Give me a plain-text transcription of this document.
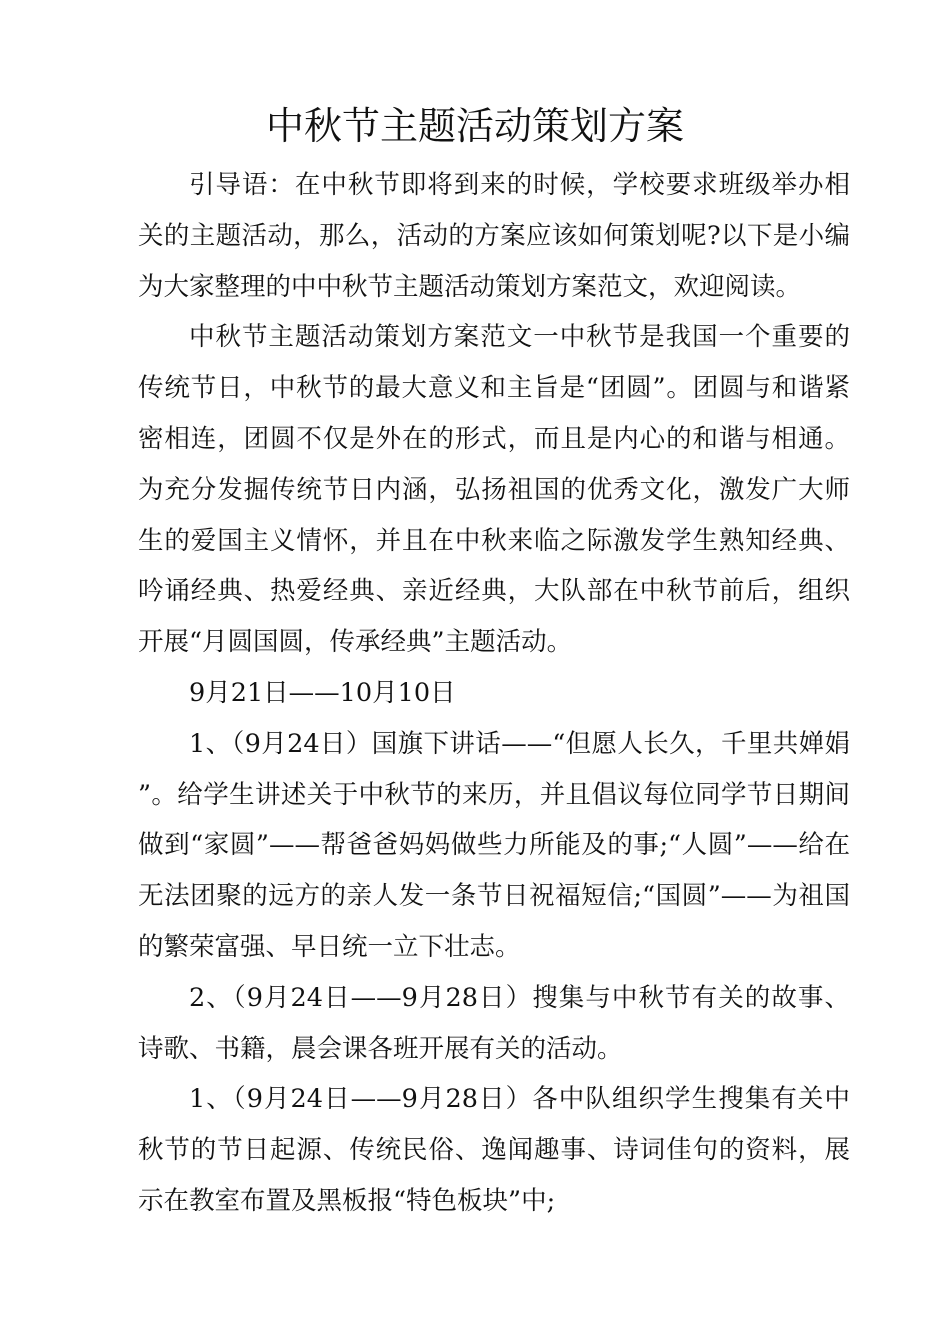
中秋节主题活动策划方案

引导语：在中秋节即将到来的时候，学校要求班级举办相关的主题活动，那么，活动的方案应该如何策划呢?以下是小编为大家整理的中中秋节主题活动策划方案范文，欢迎阅读。

中秋节主题活动策划方案范文一中秋节是我国一个重要的传统节日，中秋节的最大意义和主旨是“团圆”。团圆与和谐紧密相连，团圆不仅是外在的形式，而且是内心的和谐与相通。为充分发掘传统节日内涵，弘扬祖国的优秀文化，激发广大师生的爱国主义情怀，并且在中秋来临之际激发学生熟知经典、吟诵经典、热爱经典、亲近经典，大队部在中秋节前后，组织开展“月圆国圆，传承经典”主题活动。

9月21日——10月10日

1、（9月24日）国旗下讲话——“但愿人长久，千里共婵娟”。给学生讲述关于中秋节的来历，并且倡议每位同学节日期间做到“家圆”——帮爸爸妈妈做些力所能及的事;“人圆”——给在无法团聚的远方的亲人发一条节日祝福短信;“国圆”——为祖国的繁荣富强、早日统一立下壮志。

2、（9月24日——9月28日）搜集与中秋节有关的故事、诗歌、书籍，晨会课各班开展有关的活动。

1、（9月24日——9月28日）各中队组织学生搜集有关中秋节的节日起源、传统民俗、逸闻趣事、诗词佳句的资料，展示在教室布置及黑板报“特色板块”中;
